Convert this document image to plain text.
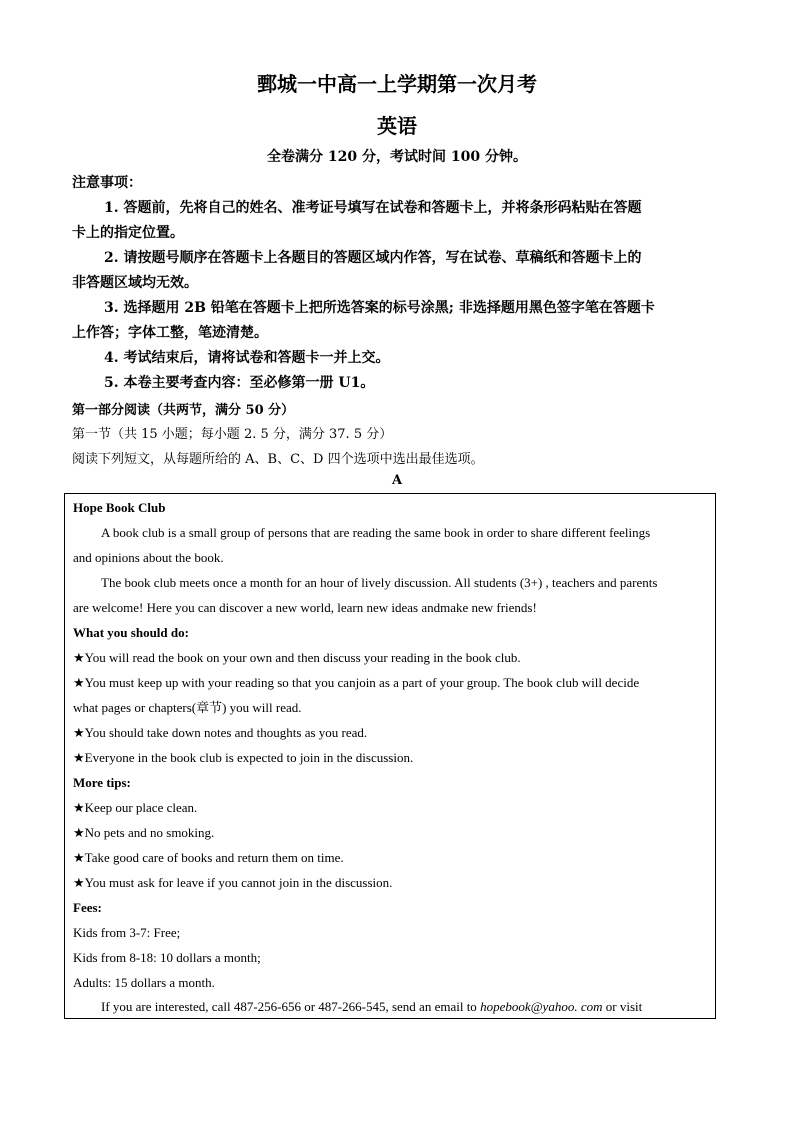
鄄城一中高一上学期第一次月考
英语
全卷满分 120 分，考试时间 100 分钟。
注意事项：
1. 答题前，先将自己的姓名、准考证号填写在试卷和答题卡上，并将条形码粘贴在答题
卡上的指定位置。
2. 请按题号顺序在答题卡上各题目的答题区域内作答，写在试卷、草稿纸和答题卡上的
非答题区域均无效。
3. 选择题用 2B 铅笔在答题卡上把所选答案的标号涂黑; 非选择题用黑色签字笔在答题卡
上作答；字体工整，笔迹清楚。
4. 考试结束后，请将试卷和答题卡一并上交。
5. 本卷主要考查内容：至必修第一册 U1。
第一部分阅读（共两节，满分 50 分）
第一节（共 15 小题；每小题 2. 5 分，满分 37. 5 分）
阅读下列短文，从每题所给的 A、B、C、D 四个选项中选出最佳选项。
A
Hope Book Club
A book club is a small group of persons that are reading the same book in order to share different feelings
and opinions about the book.
The book club meets once a month for an hour of lively discussion. All students (3+) , teachers and parents
are welcome! Here you can discover a new world, learn new ideas andmake new friends!
What you should do:
★You will read the book on your own and then discuss your reading in the book club.
★You must keep up with your reading so that you canjoin as a part of your group. The book club will decide
what pages or chapters(章节) you will read.
★You should take down notes and thoughts as you read.
★Everyone in the book club is expected to join in the discussion.
More tips:
★Keep our place clean.
★No pets and no smoking.
★Take good care of books and return them on time.
★You must ask for leave if you cannot join in the discussion.
Fees:
Kids from 3-7: Free;
Kids from 8-18: 10 dollars a month;
Adults: 15 dollars a month.
If you are interested, call 487-256-656 or 487-266-545, send an email to hopebook@yahoo. com or visit
